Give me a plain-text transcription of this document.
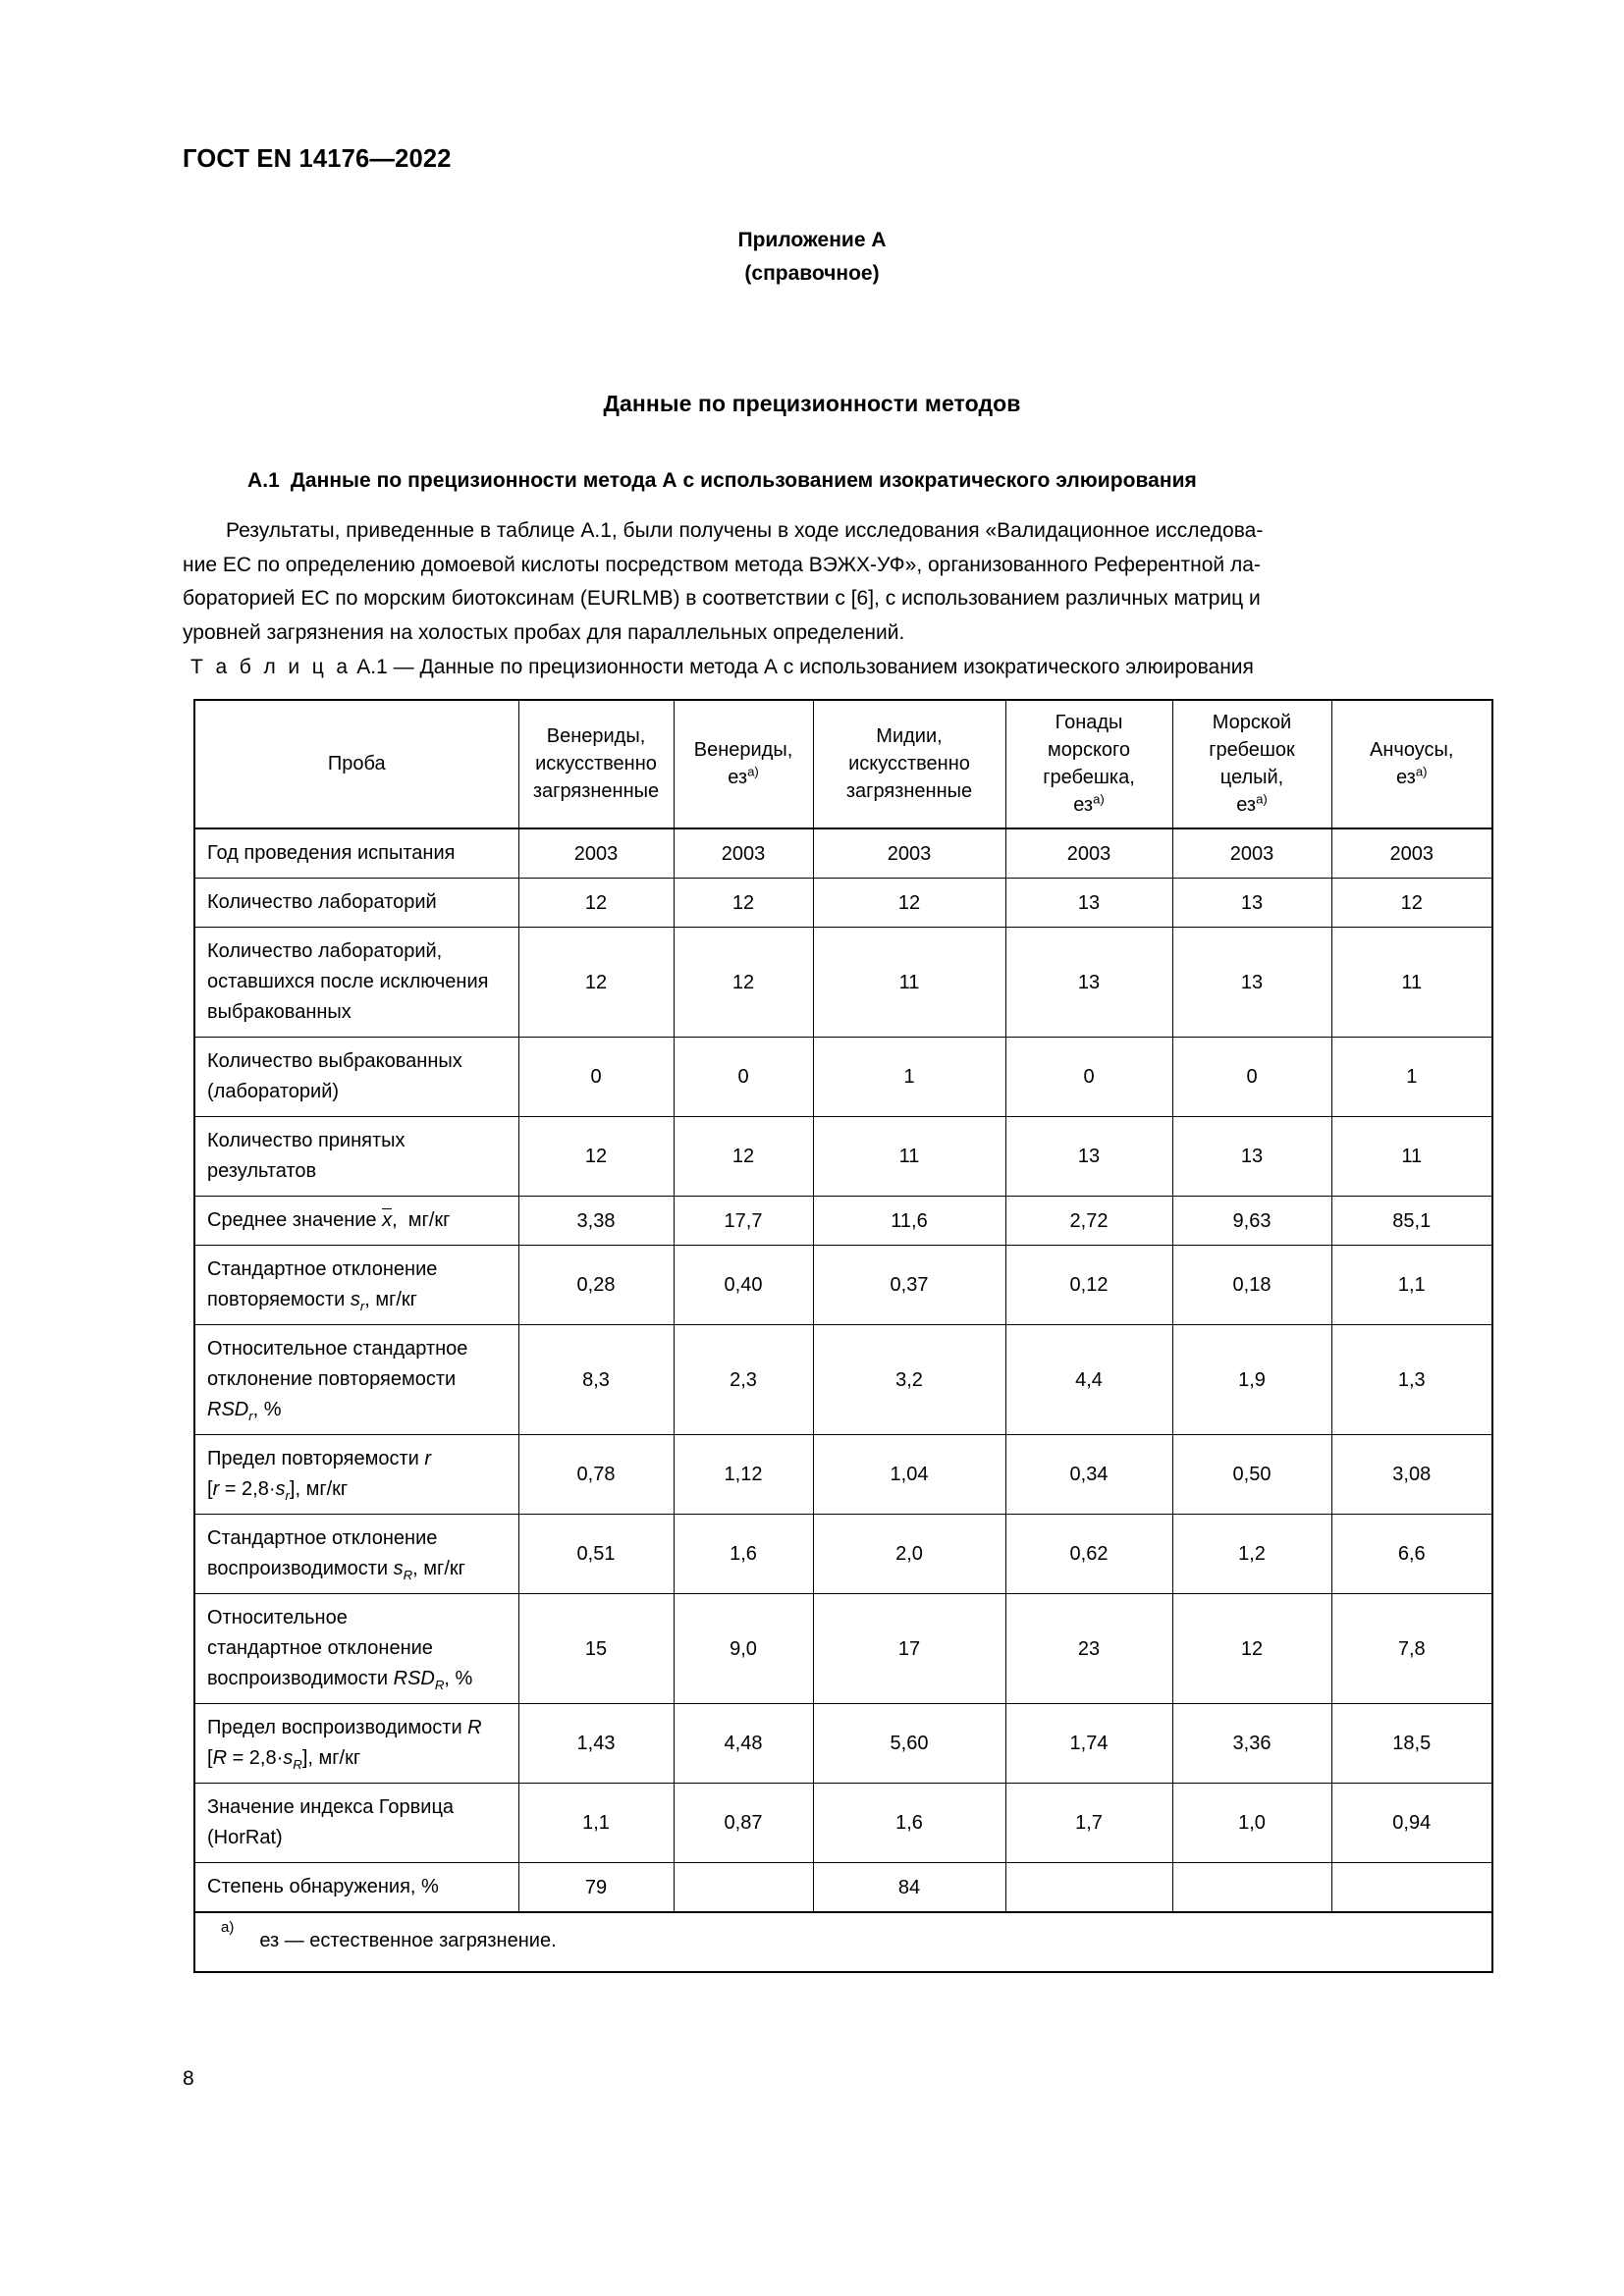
ГОСТ EN 14176—2022
Приложение А
(справочное)
Данные по прецизионности методов
А.1 Данные по прецизионности метода А с использованием изократического элюирования

Результаты, приведенные в таблице А.1, были получены в ходе исследования «Валидационное исследова-

ние ЕС по определению домоевой кислоты посредством метода ВЭЖХ-УФ», организованного Референтной ла-

бораторией ЕС по морским биотоксинам (EURLMB) в соответствии с [6], с использованием различных матриц и

уровней загрязнения на холостых пробах для параллельных определений.

Т а б л и ц а А.1 — Данные по прецизионности метода А с использованием изократического элюирования
Проба	Венериды,
искусственно
загрязненные	Венериды,
$ез^{а)}$	Мидии,
искусственно
загрязненные	Гонады
морского
гребешка,
$ез^{а)}$	Морской
гребешок
целый,
$ез^{а)}$	Анчоусы,
$ез^{а)}$
Год проведения испытания	2003	2003	2003	2003	2003	2003
Количество лабораторий	12	12	12	13	13	12
Количество лабораторий, оставшихся после исключения выбракованных	12	12	11	13	13	11
Количество выбракованных (лабораторий)	0	0	1	0	0	1
Количество принятых результатов	12	12	11	13	13	11
Среднее значение x,  мг/кг	3,38	17,7	11,6	2,72	9,63	85,1
Стандартное отклонение
повторяемости $s_r$, мг/кг	0,28	0,40	0,37	0,12	0,18	1,1
Относительное стандартное
отклонение повторяемости
$RSD_r$, %	8,3	2,3	3,2	4,4	1,9	1,3
Предел повторяемости r
$[r = 2,8\cdot s_r]$, мг/кг	0,78	1,12	1,04	0,34	0,50	3,08
Стандартное отклонение
воспроизводимости $s_R$, мг/кг	0,51	1,6	2,0	0,62	1,2	6,6
Относительное
стандартное отклонение
воспроизводимости $RSD_R$, %	15	9,0	17	23	12	7,8
Предел воспроизводимости R
$[R = 2,8\cdot s_R]$, мг/кг	1,43	4,48	5,60	1,74	3,36	18,5
Значение индекса Горвица
(HorRat)	1,1	0,87	1,6	1,7	1,0	0,94
Степень обнаружения, %	79		84			
$^{а)}$ез — естественное загрязнение.						
8
